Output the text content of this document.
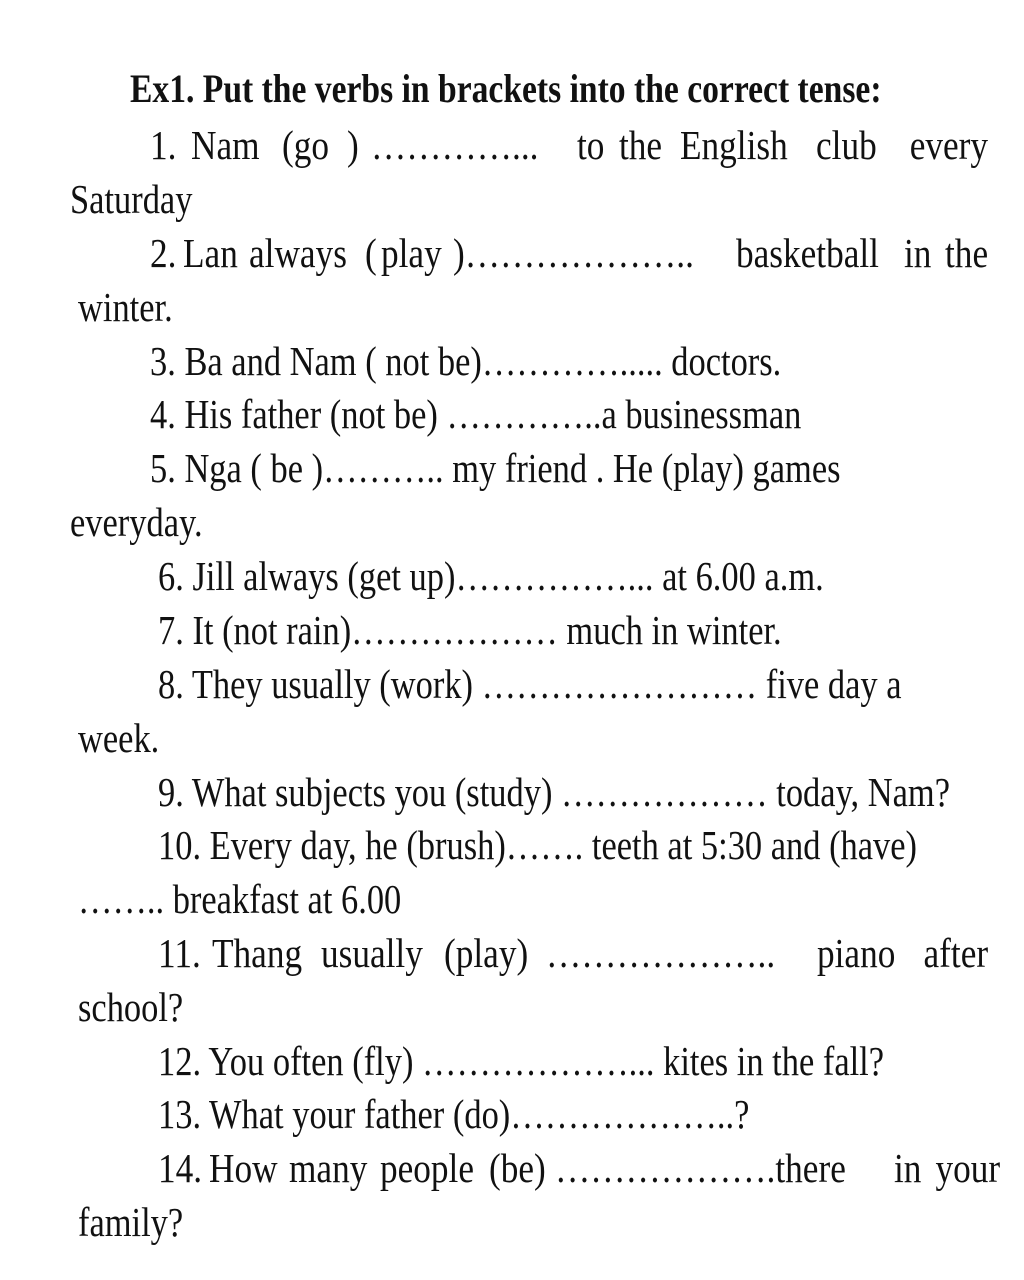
Ex1. Put the verbs in brackets into the correct tense:
1. Nam (go ) …………... to the English club every
Saturday
2. Lan always ( play )……………….. basketball in the
winter.
3. Ba and Nam ( not be)…………..... doctors.
4. His father (not be) …………..a businessman
5. Nga ( be )……….. my friend . He (play) games
everyday.
6. Jill always (get up)……………... at 6.00 a.m.
7. It (not rain)……………… much in winter.
8. They usually (work) …………………… five day a
week.
9. What subjects you (study) ……………… today, Nam?
10. Every day, he (brush)……. teeth at 5:30 and (have)
…….. breakfast at 6.00
11. Thang usually (play) ……………….. piano after
school?
12. You often (fly) ………………... kites in the fall?
13. What your father (do)………………..?
14. How many people (be) ……………….there in your
family?
